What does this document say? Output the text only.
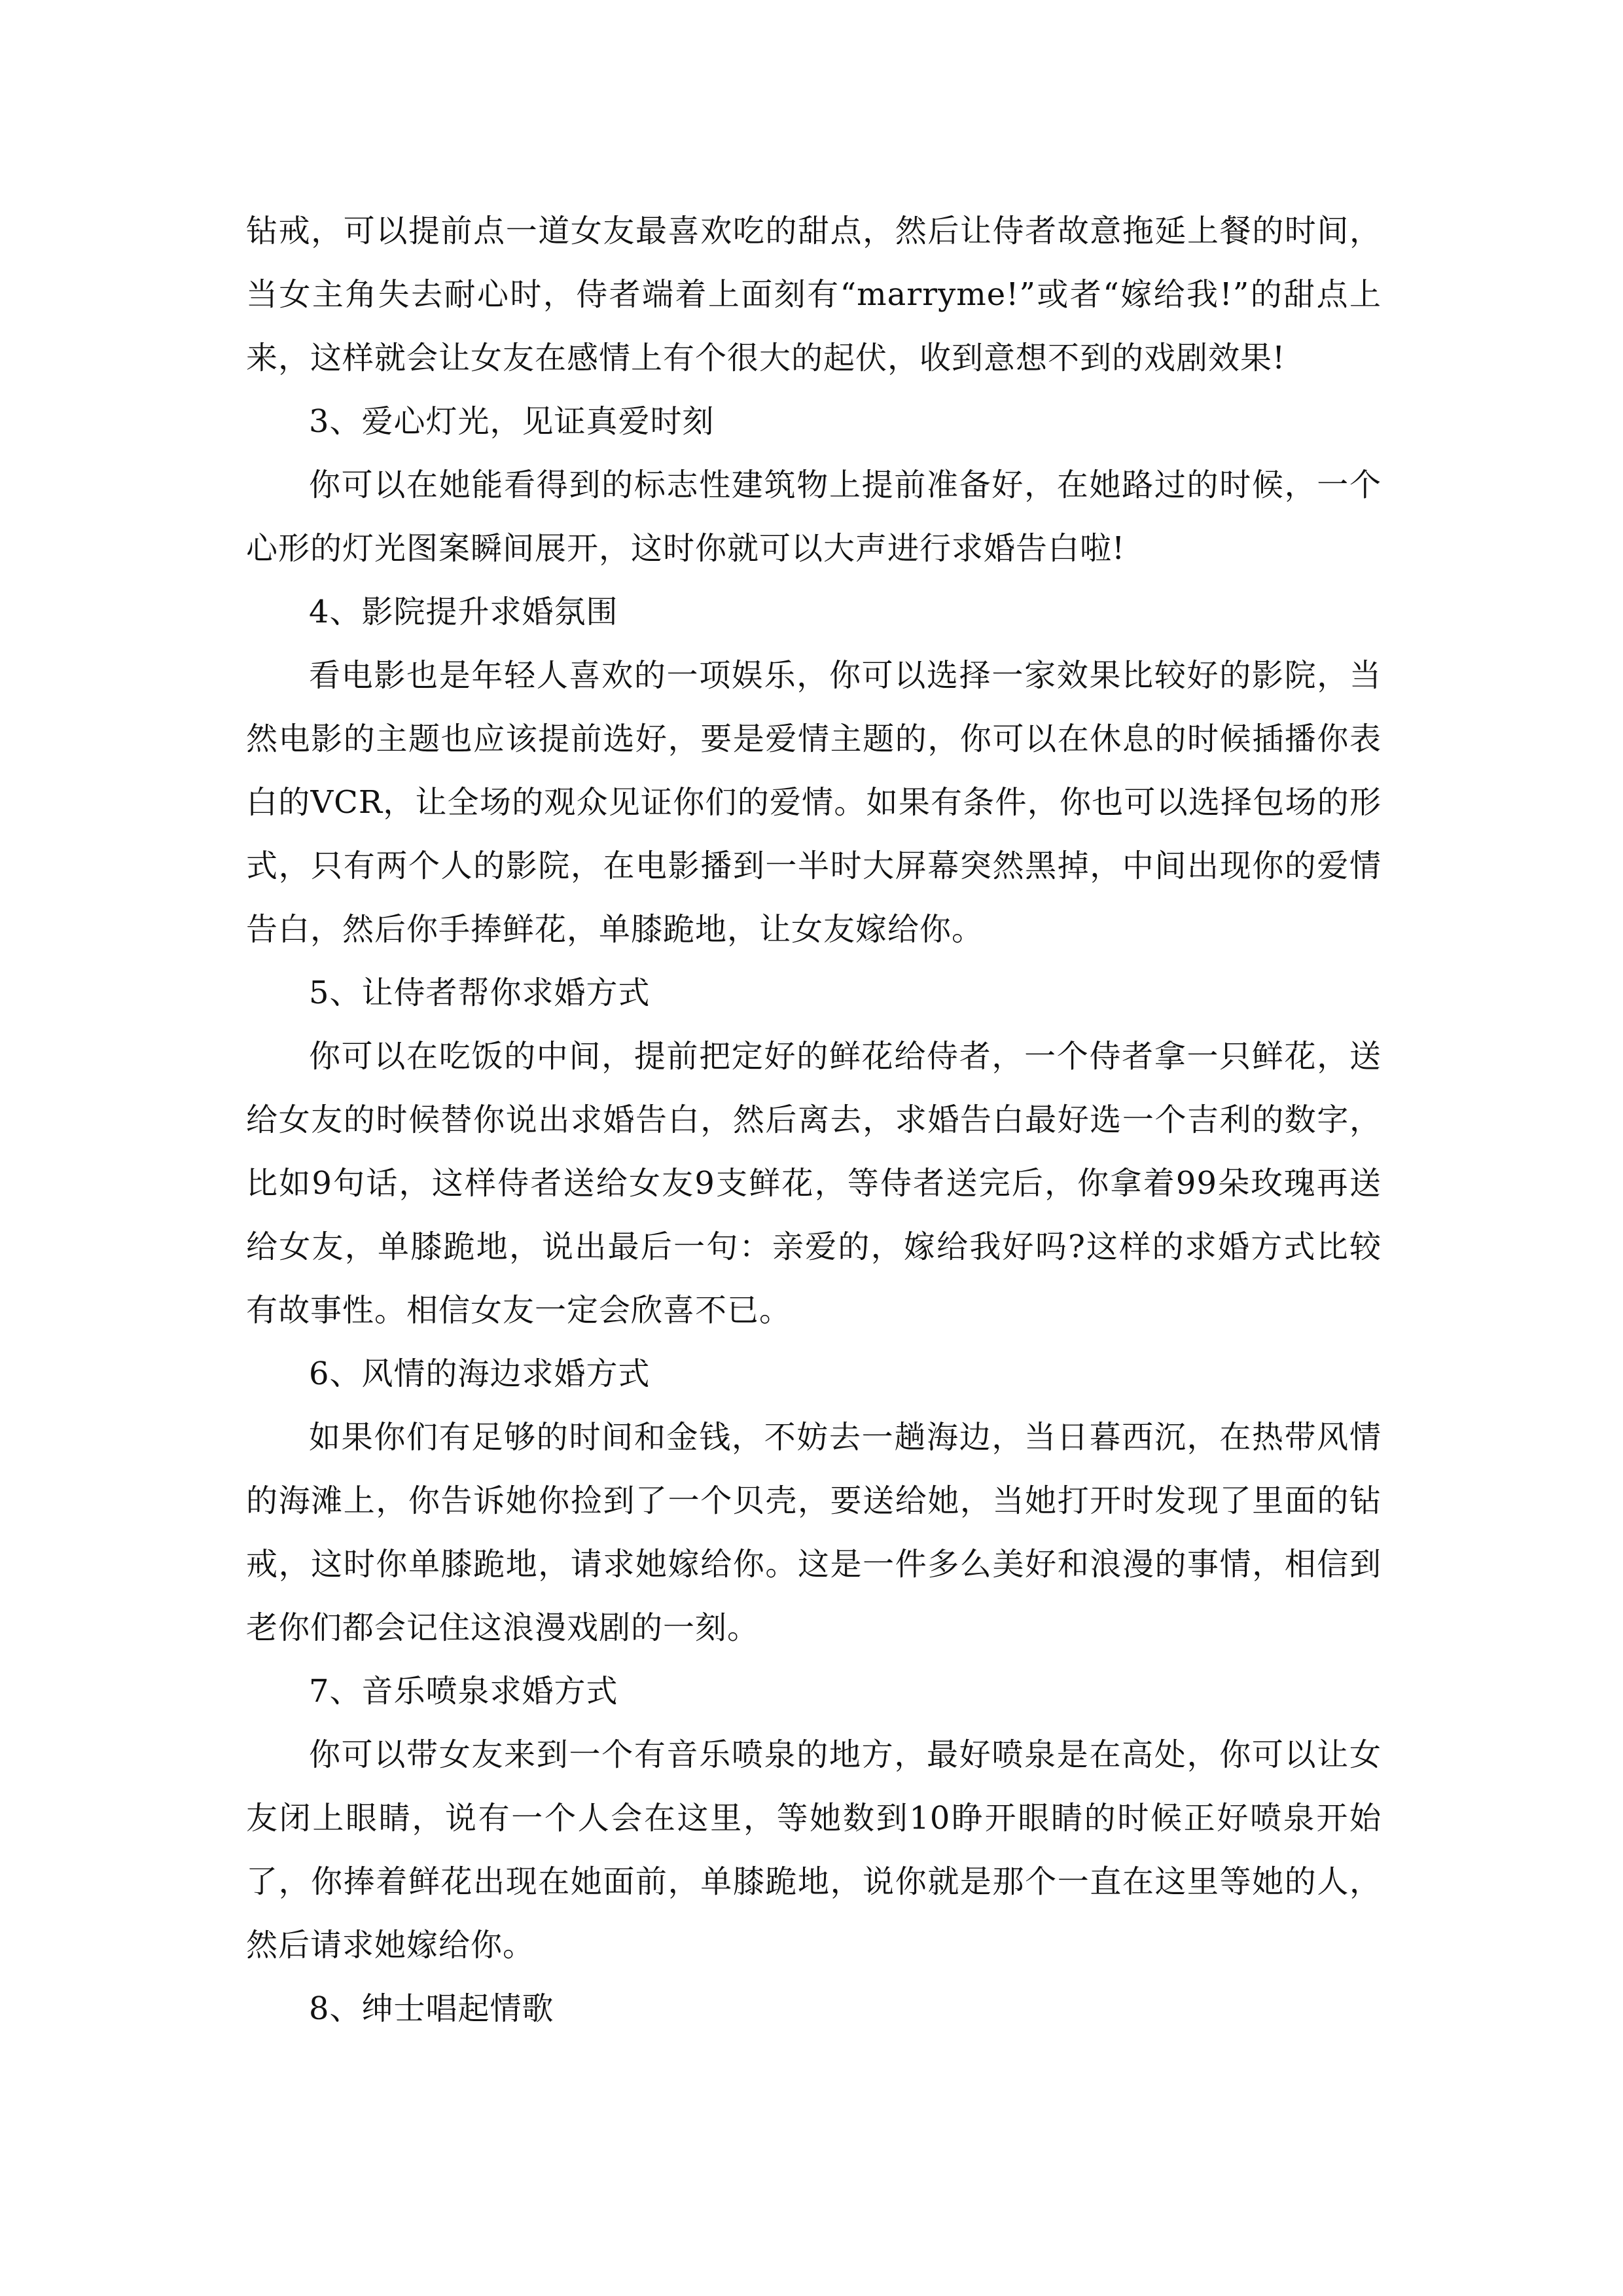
钻戒，可以提前点一道女友最喜欢吃的甜点，然后让侍者故意拖延上餐的时间，当女主角失去耐心时，侍者端着上面刻有“marryme!”或者“嫁给我!”的甜点上来，这样就会让女友在感情上有个很大的起伏，收到意想不到的戏剧效果!

3、爱心灯光，见证真爱时刻

你可以在她能看得到的标志性建筑物上提前准备好，在她路过的时候，一个心形的灯光图案瞬间展开，这时你就可以大声进行求婚告白啦!

4、影院提升求婚氛围

看电影也是年轻人喜欢的一项娱乐，你可以选择一家效果比较好的影院，当然电影的主题也应该提前选好，要是爱情主题的，你可以在休息的时候插播你表白的VCR，让全场的观众见证你们的爱情。如果有条件，你也可以选择包场的形式，只有两个人的影院，在电影播到一半时大屏幕突然黑掉，中间出现你的爱情告白，然后你手捧鲜花，单膝跪地，让女友嫁给你。

5、让侍者帮你求婚方式

你可以在吃饭的中间，提前把定好的鲜花给侍者，一个侍者拿一只鲜花，送给女友的时候替你说出求婚告白，然后离去，求婚告白最好选一个吉利的数字，比如9句话，这样侍者送给女友9支鲜花，等侍者送完后，你拿着99朵玫瑰再送给女友，单膝跪地，说出最后一句：亲爱的，嫁给我好吗?这样的求婚方式比较有故事性。相信女友一定会欣喜不已。

6、风情的海边求婚方式

如果你们有足够的时间和金钱，不妨去一趟海边，当日暮西沉，在热带风情的海滩上，你告诉她你捡到了一个贝壳，要送给她，当她打开时发现了里面的钻戒，这时你单膝跪地，请求她嫁给你。这是一件多么美好和浪漫的事情，相信到老你们都会记住这浪漫戏剧的一刻。

7、音乐喷泉求婚方式

你可以带女友来到一个有音乐喷泉的地方，最好喷泉是在高处，你可以让女友闭上眼睛，说有一个人会在这里，等她数到10睁开眼睛的时候正好喷泉开始了，你捧着鲜花出现在她面前，单膝跪地，说你就是那个一直在这里等她的人，然后请求她嫁给你。

8、绅士唱起情歌
